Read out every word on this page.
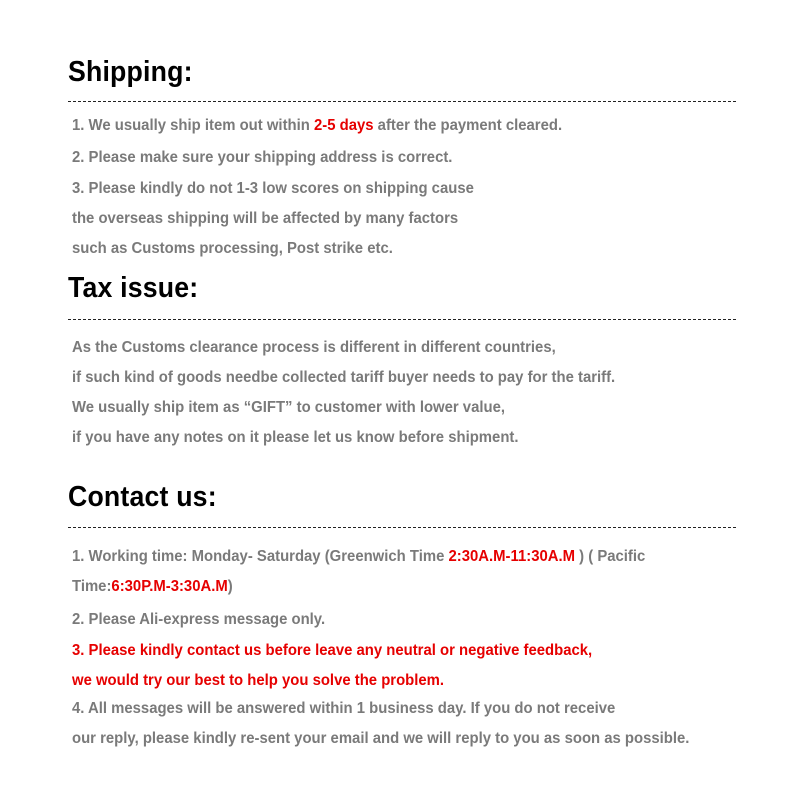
Shipping:

1. We usually ship item out within 2-5 days after the payment cleared.

2. Please make sure your shipping address is correct.

3. Please kindly do not 1-3 low scores on shipping cause

the overseas shipping will be affected by many factors

such as Customs processing, Post strike etc.

Tax issue:

As the Customs clearance process is different in different countries,

if such kind of goods needbe collected tariff buyer needs to pay for the tariff.

We usually ship item as “GIFT” to customer with lower value,

if you have any notes on it please let us know before shipment.

Contact us:

1. Working time: Monday- Saturday (Greenwich Time 2:30A.M-11:30A.M ) ( Pacific

Time:6:30P.M-3:30A.M)

2. Please Ali-express message only.

3. Please kindly contact us before leave any neutral or negative feedback,

we would try our best to help you solve the problem.

4. All messages will be answered within 1 business day. If you do not receive

our reply, please kindly re-sent your email and we will reply to you as soon as possible.
